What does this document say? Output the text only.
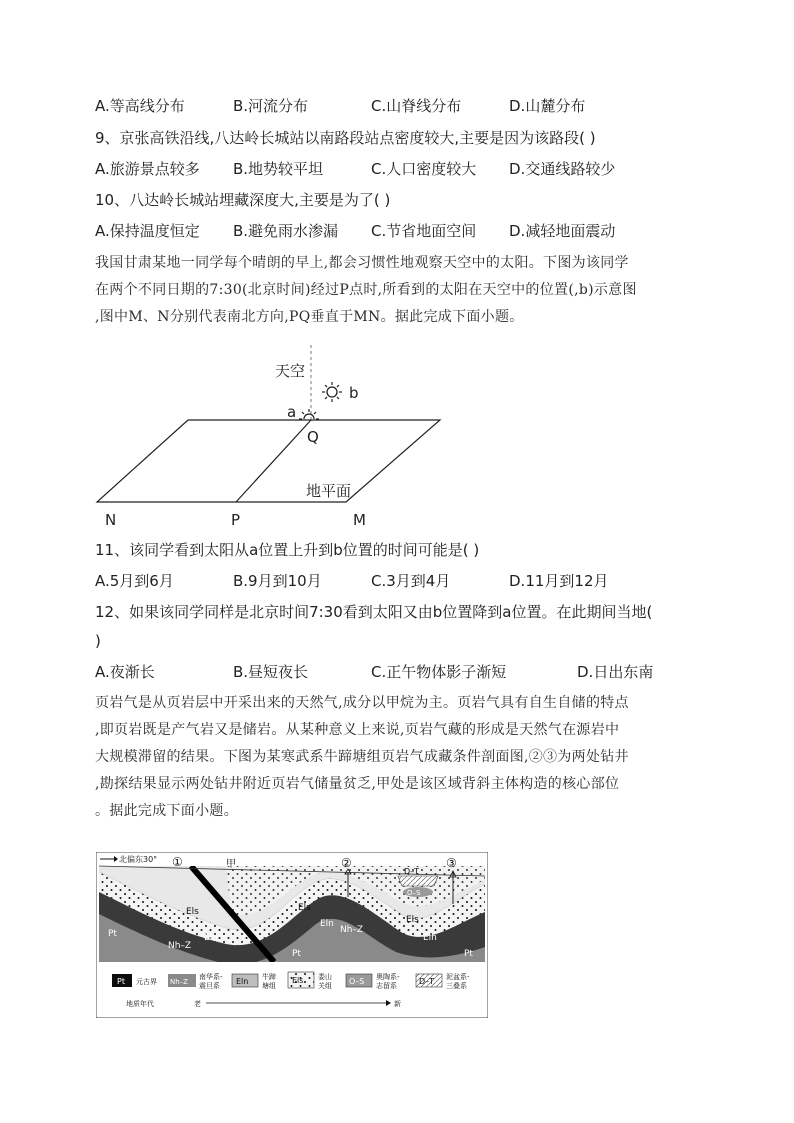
A.等高线分布	B.河流分布	C.山脊线分布	D.山麓分布
9、京张高铁沿线,八达岭长城站以南路段站点密度较大,主要是因为该路段( )
A.旅游景点较多 B.地势较平坦	C.人口密度较大 D.交通线路较少
10、八达岭长城站埋藏深度大,主要是为了( )
A.保持温度恒定 B.避免雨水渗漏 C.节省地面空间 D.减轻地面震动

我国甘肃某地一同学每个晴朗的早上,都会习惯性地观察天空中的太阳。下图为该同学

在两个不同日期的7:30(北京时间)经过P点时,所看到的太阳在天空中的位置(,b)示意图

,图中M、N分别代表南北方向,PQ垂直于MN。据此完成下面小题。

天空
b
a
Q
地平面
N	P	M
11、该同学看到太阳从a位置上升到b位置的时间可能是( )
A.5月到6月	B.9月到10月	C.3月到4月	D.11月到12月
12、如果该同学同样是北京时间7:30看到太阳又由b位置降到a位置。在此期间当地(
)
A.夜渐长	B.昼短夜长	C.正午物体影子渐短	D.日出东南

页岩气是从页岩层中开采出来的天然气,成分以甲烷为主。页岩气具有自生自储的特点

,即页岩既是产气岩又是储岩。从某种意义上来说,页岩气藏的形成是天然气在源岩中

大规模滞留的结果。下图为某寒武系牛蹄塘组页岩气成藏条件剖面图,②③为两处钻井

,勘探结果显示两处钻井附近页岩气储量贫乏,甲处是该区域背斜主体构造的核心部位

。据此完成下面小题。

北偏东30° ①	甲	②	③
D–T
O–S
Els	Els
Els
Eln
Eln
Eln
Nh–Z
Nh–Z
Pt
Pt	Pt
Pt 元古界 Nh–Z
南华系-
震旦系 Eln 牛蹄
塘组
Els 娄山
关组 O–S 奥陶系-
志留系	D–T 泥盆系-
三叠系
地质年代	老	新
